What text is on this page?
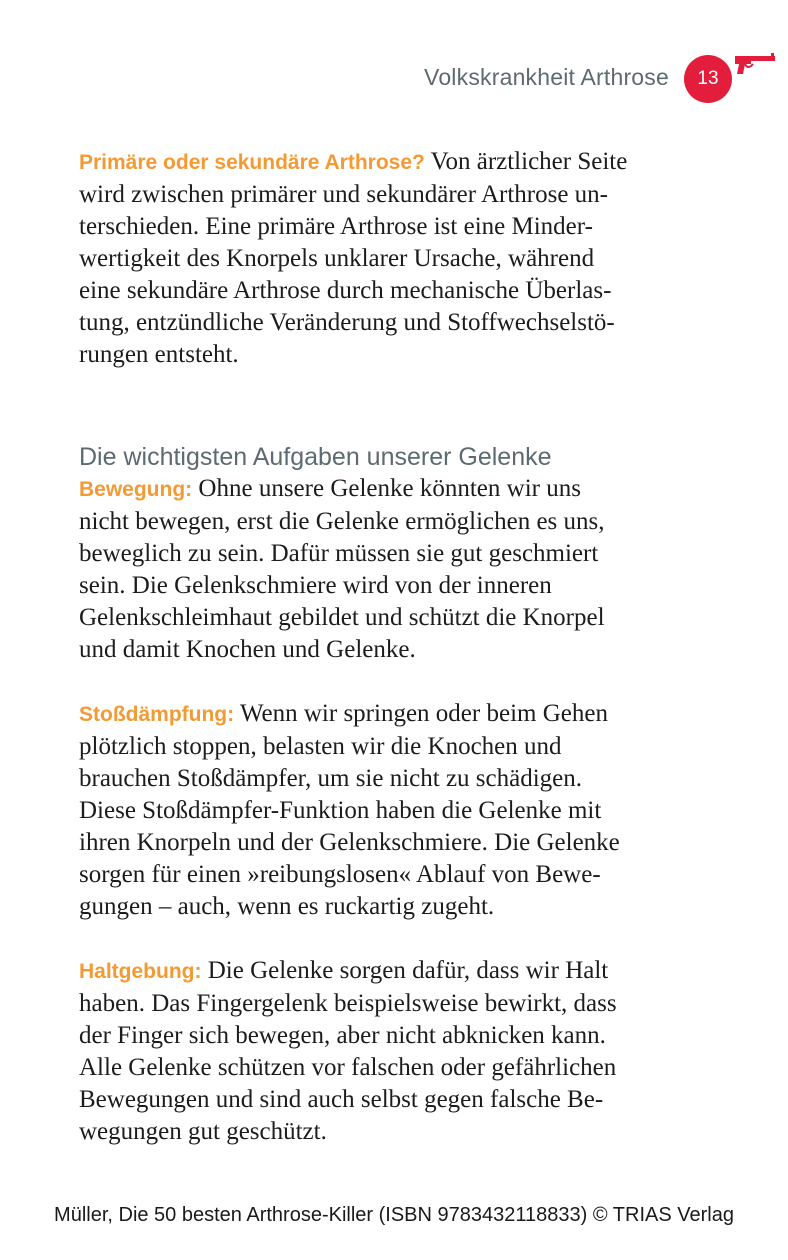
Volkskrankheit Arthrose 13
Primäre oder sekundäre Arthrose? Von ärztlicher Seite
wird zwischen primärer und sekundärer Arthrose un-
terschieden. Eine primäre Arthrose ist eine Minder-
wertigkeit des Knorpels unklarer Ursache, während
eine sekundäre Arthrose durch mechanische Überlas-
tung, entzündliche Veränderung und Stoffwechselstö-
rungen entsteht.
Die wichtigsten Aufgaben unserer Gelenke
Bewegung: Ohne unsere Gelenke könnten wir uns
nicht bewegen, erst die Gelenke ermöglichen es uns,
beweglich zu sein. Dafür müssen sie gut geschmiert
sein. Die Gelenkschmiere wird von der inneren
Gelenkschleimhaut gebildet und schützt die Knorpel
und damit Knochen und Gelenke.
Stoßdämpfung: Wenn wir springen oder beim Gehen
plötzlich stoppen, belasten wir die Knochen und
brauchen Stoßdämpfer, um sie nicht zu schädigen.
Diese Stoßdämpfer-Funktion haben die Gelenke mit
ihren Knorpeln und der Gelenkschmiere. Die Gelenke
sorgen für einen »reibungslosen« Ablauf von Bewe-
gungen – auch, wenn es ruckartig zugeht.
Haltgebung: Die Gelenke sorgen dafür, dass wir Halt
haben. Das Fingergelenk beispielsweise bewirkt, dass
der Finger sich bewegen, aber nicht abknicken kann.
Alle Gelenke schützen vor falschen oder gefährlichen
Bewegungen und sind auch selbst gegen falsche Be-
wegungen gut geschützt.
Müller, Die 50 besten Arthrose-Killer (ISBN 9783432118833) © TRIAS Verlag
